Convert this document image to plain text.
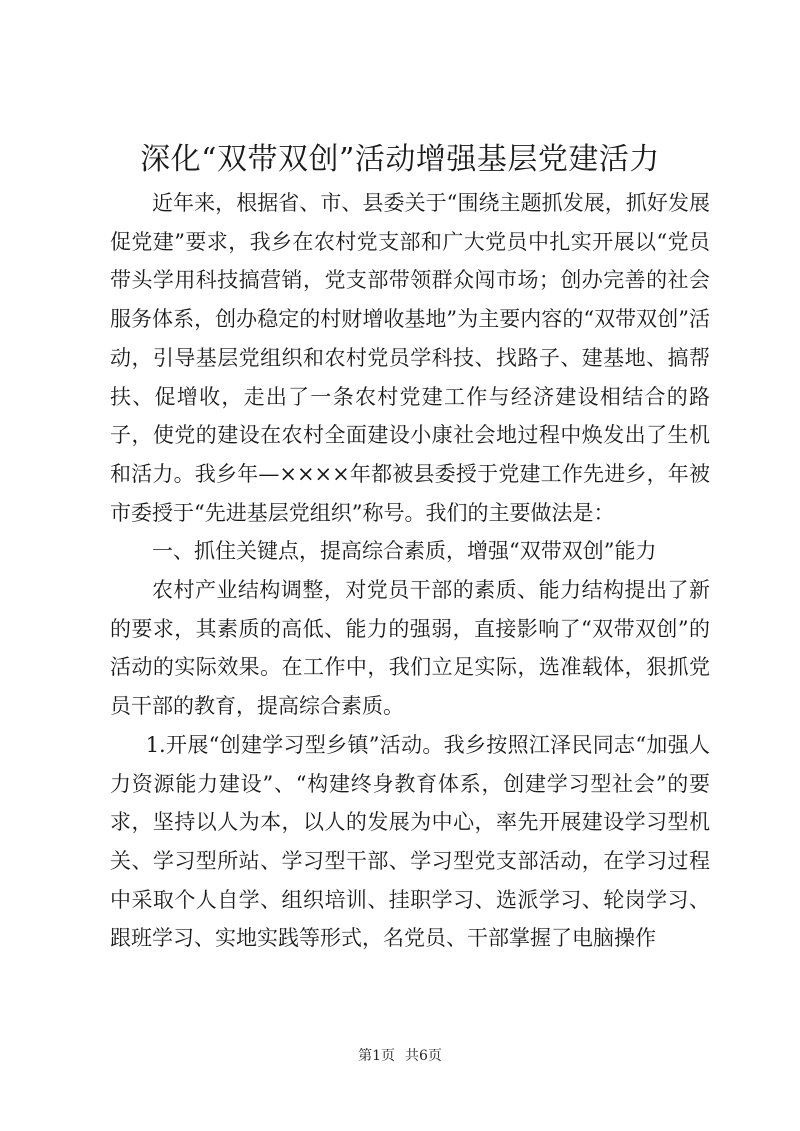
深化“双带双创”活动增强基层党建活力

近年来，根据省、市、县委关于“围绕主题抓发展，抓好发展促党建”要求，我乡在农村党支部和广大党员中扎实开展以“党员带头学用科技搞营销，党支部带领群众闯市场；创办完善的社会服务体系，创办稳定的村财增收基地”为主要内容的“双带双创”活动，引导基层党组织和农村党员学科技、找路子、建基地、搞帮扶、促增收，走出了一条农村党建工作与经济建设相结合的路子，使党的建设在农村全面建设小康社会地过程中焕发出了生机和活力。我乡年—××××年都被县委授于党建工作先进乡，年被市委授于“先进基层党组织”称号。我们的主要做法是：

一、抓住关键点，提高综合素质，增强“双带双创”能力

农村产业结构调整，对党员干部的素质、能力结构提出了新的要求，其素质的高低、能力的强弱，直接影响了“双带双创”的活动的实际效果。在工作中，我们立足实际，选准载体，狠抓党员干部的教育，提高综合素质。

1.开展“创建学习型乡镇”活动。我乡按照江泽民同志“加强人力资源能力建设”、“构建终身教育体系，创建学习型社会”的要求，坚持以人为本，以人的发展为中心，率先开展建设学习型机关、学习型所站、学习型干部、学习型党支部活动，在学习过程中采取个人自学、组织培训、挂职学习、选派学习、轮岗学习、跟班学习、实地实践等形式，名党员、干部掌握了电脑操作

第1页 共6页
